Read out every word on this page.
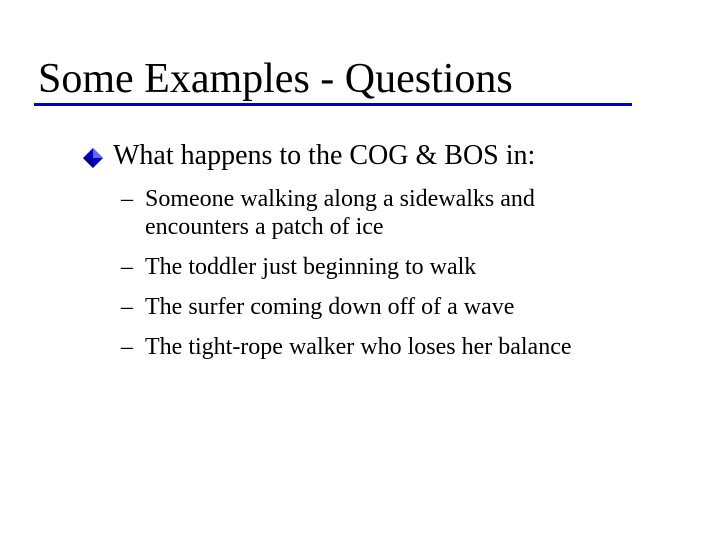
Some Examples - Questions
What happens to the COG & BOS in:
– Someone walking along a sidewalks and
encounters a patch of ice
– The toddler just beginning to walk
– The surfer coming down off of a wave
– The tight-rope walker who loses her balance
